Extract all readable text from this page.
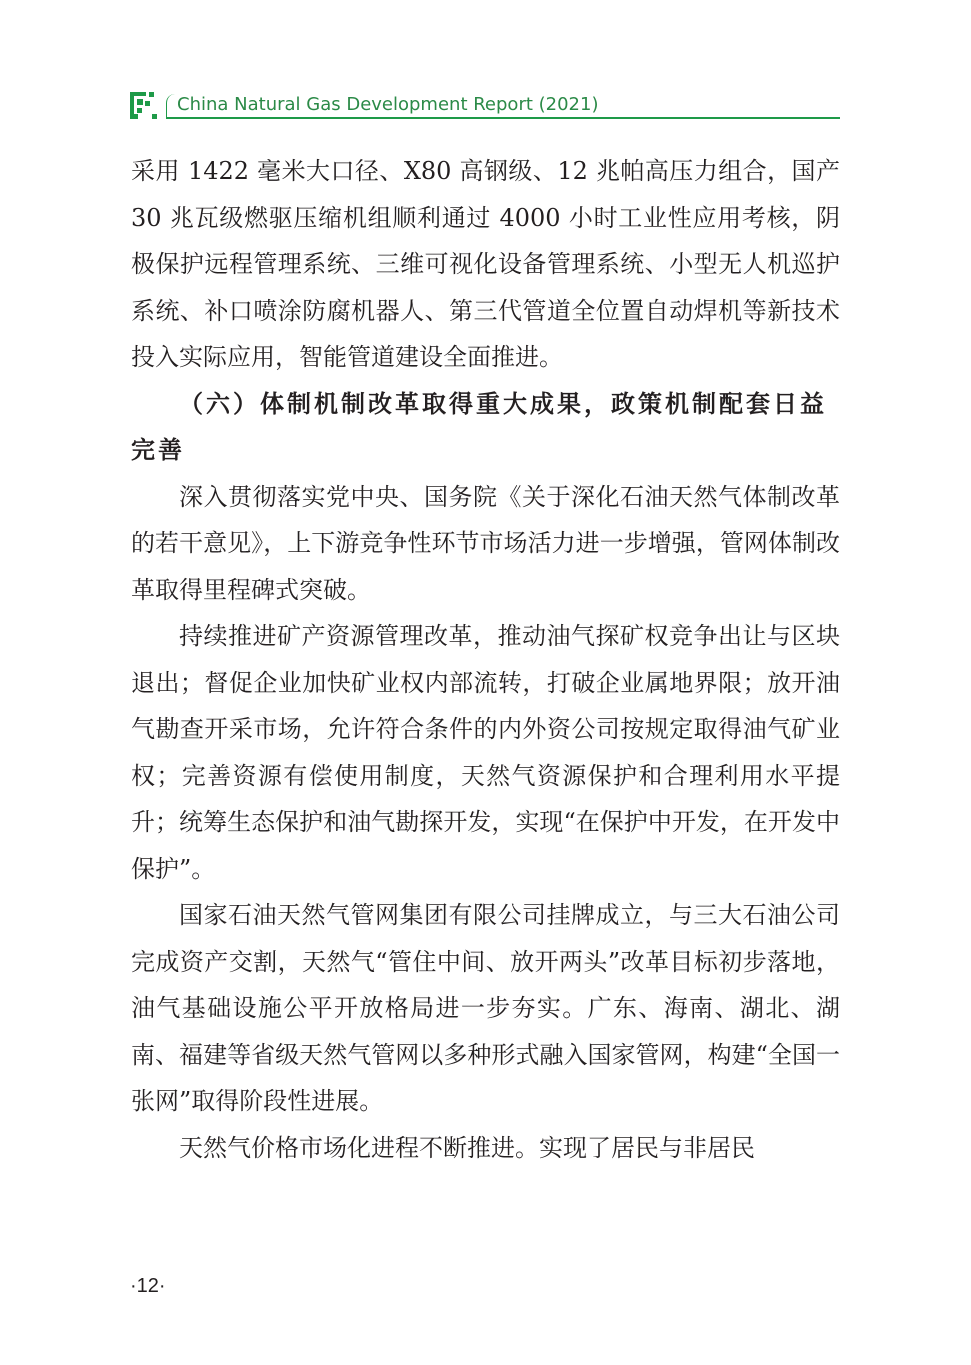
China Natural Gas Development Report (2021)

采用 1422 毫米大口径、X80 高钢级、12 兆帕高压力组合，国产 30 兆瓦级燃驱压缩机组顺利通过 4000 小时工业性应用考核，阴极保护远程管理系统、三维可视化设备管理系统、小型无人机巡护系统、补口喷涂防腐机器人、第三代管道全位置自动焊机等新技术投入实际应用，智能管道建设全面推进。

（六）体制机制改革取得重大成果，政策机制配套日益完善

深入贯彻落实党中央、国务院《关于深化石油天然气体制改革的若干意见》，上下游竞争性环节市场活力进一步增强，管网体制改革取得里程碑式突破。

持续推进矿产资源管理改革，推动油气探矿权竞争出让与区块退出；督促企业加快矿业权内部流转，打破企业属地界限；放开油气勘查开采市场，允许符合条件的内外资公司按规定取得油气矿业权；完善资源有偿使用制度，天然气资源保护和合理利用水平提升；统筹生态保护和油气勘探开发，实现“在保护中开发，在开发中保护”。

国家石油天然气管网集团有限公司挂牌成立，与三大石油公司完成资产交割，天然气“管住中间、放开两头”改革目标初步落地，油气基础设施公平开放格局进一步夯实。广东、海南、湖北、湖南、福建等省级天然气管网以多种形式融入国家管网，构建“全国一张网”取得阶段性进展。

天然气价格市场化进程不断推进。实现了居民与非居民

·12·
